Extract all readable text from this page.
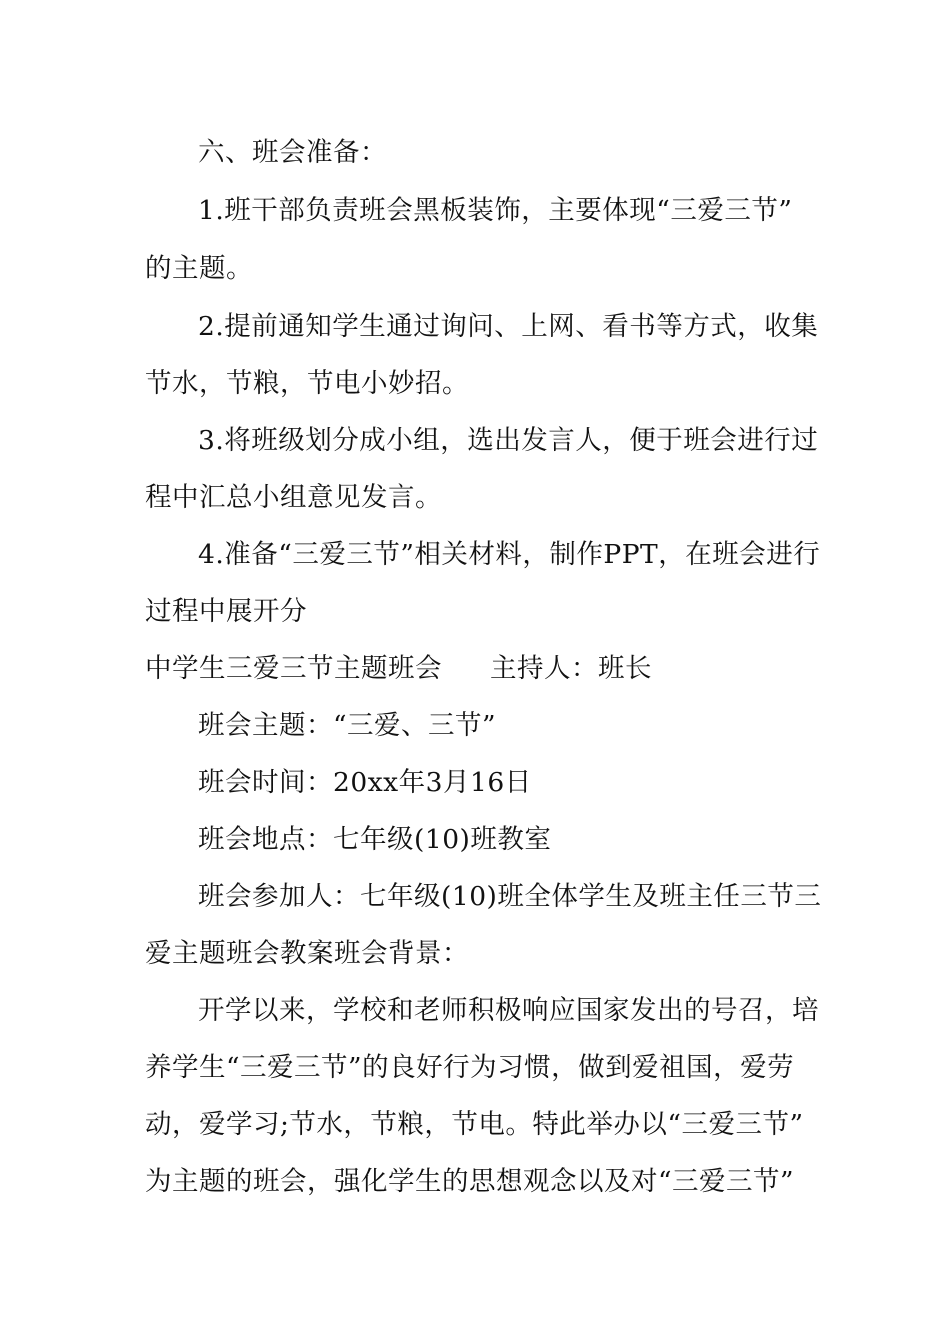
六、班会准备：
1.班干部负责班会黑板装饰，主要体现“三爱三节”
的主题。
2.提前通知学生通过询问、上网、看书等方式，收集
节水，节粮，节电小妙招。
3.将班级划分成小组，选出发言人，便于班会进行过
程中汇总小组意见发言。
4.准备“三爱三节”相关材料，制作PPT，在班会进行
过程中展开分
中学生三爱三节主题班会 主持人：班长
班会主题：“三爱、三节”
班会时间：20xx年3月16日
班会地点：七年级(10)班教室
班会参加人：七年级(10)班全体学生及班主任三节三
爱主题班会教案班会背景：
开学以来，学校和老师积极响应国家发出的号召，培
养学生“三爱三节”的良好行为习惯，做到爱祖国，爱劳
动，爱学习;节水，节粮，节电。特此举办以“三爱三节”
为主题的班会，强化学生的思想观念以及对“三爱三节”
